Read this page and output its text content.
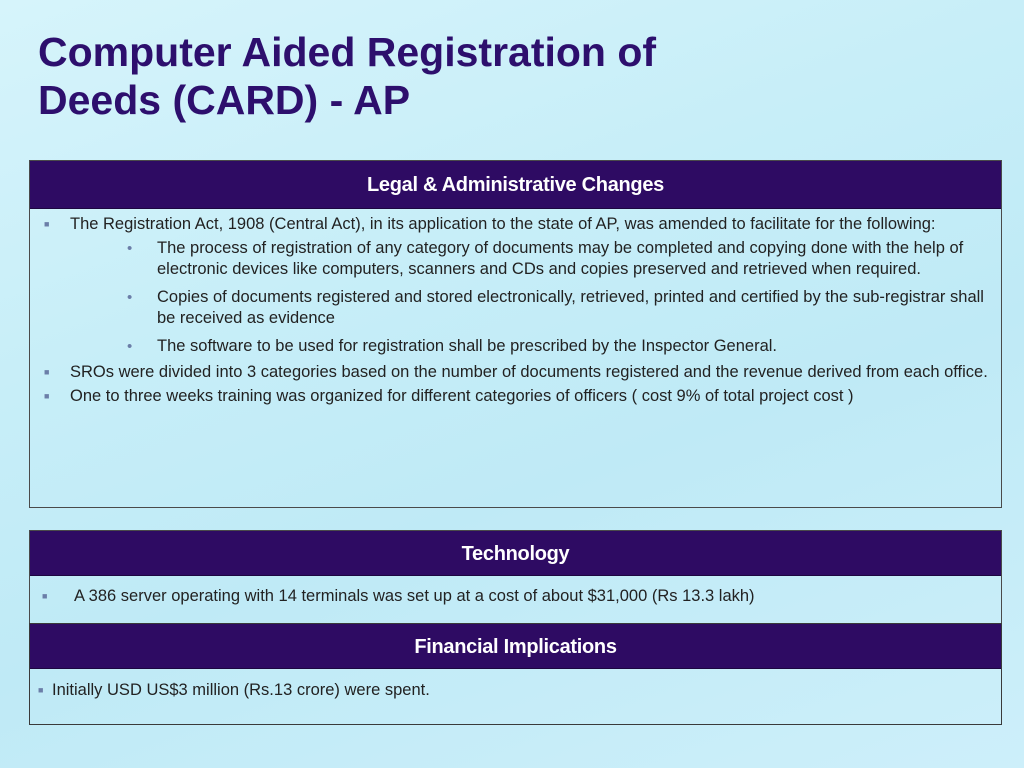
Computer Aided Registration of
Deeds (CARD) - AP
Legal & Administrative Changes
■	The Registration Act, 1908 (Central Act), in its application to the state of AP, was amended to facilitate for the following:
•	The process of registration of any category of documents may be completed and copying done with the help of electronic devices like computers, scanners and CDs and copies preserved and retrieved when required.
•	Copies of documents registered and stored electronically, retrieved, printed and certified by the sub-registrar shall be received as evidence
•	The software to be used for registration shall be prescribed by the Inspector General.
■	SROs were divided into 3 categories based on the number of documents registered and the revenue derived from each office.
■	One to three weeks training was organized for different categories of officers ( cost 9% of total project cost )
Technology
■	A 386 server operating with 14 terminals was set up at a cost of about $31,000 (Rs 13.3 lakh)
Financial Implications
■ Initially USD US$3 million (Rs.13 crore) were spent.
